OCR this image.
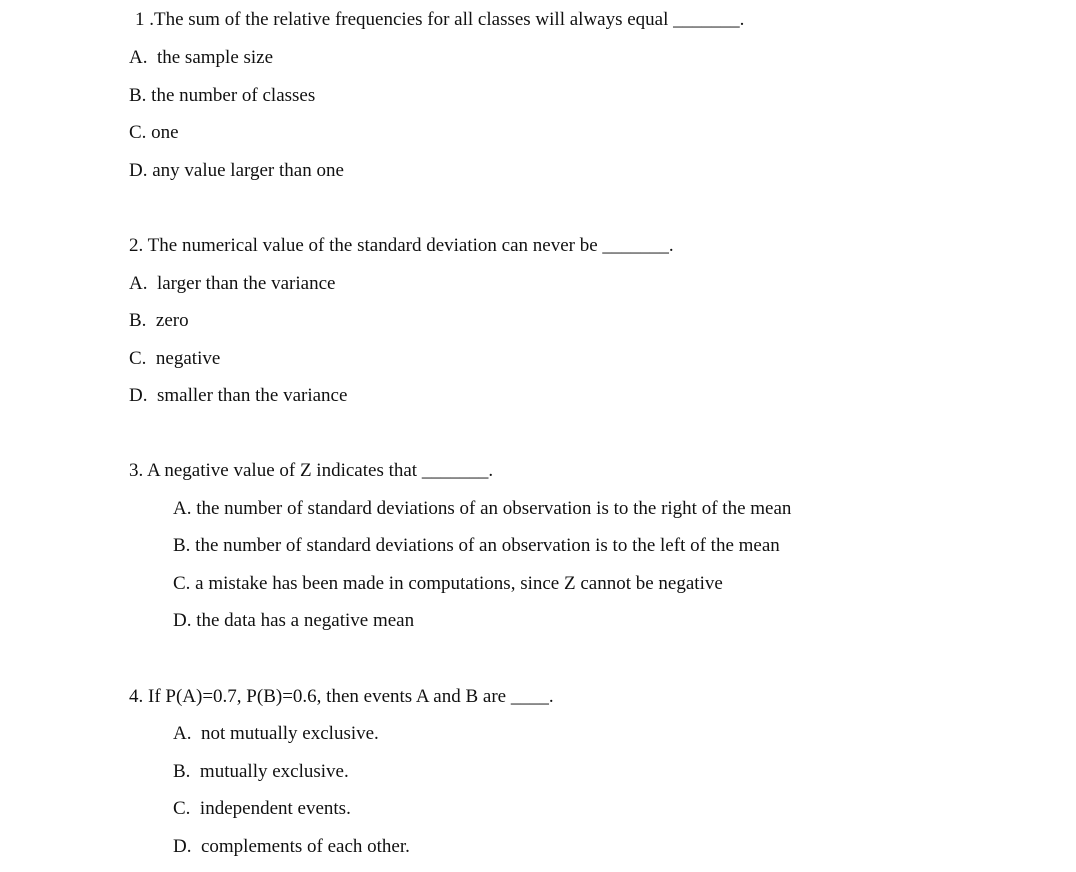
1 .The sum of the relative frequencies for all classes will always equal _______.
A.  the sample size
B. the number of classes
C. one
D. any value larger than one
2. The numerical value of the standard deviation can never be _______.
A.  larger than the variance
B.  zero
C.  negative
D.  smaller than the variance
3. A negative value of Z indicates that _______.
A. the number of standard deviations of an observation is to the right of the mean
B. the number of standard deviations of an observation is to the left of the mean
C. a mistake has been made in computations, since Z cannot be negative
D. the data has a negative mean
4. If P(A)=0.7, P(B)=0.6, then events A and B are ____.
A.  not mutually exclusive.
B.  mutually exclusive.
C.  independent events.
D.  complements of each other.
